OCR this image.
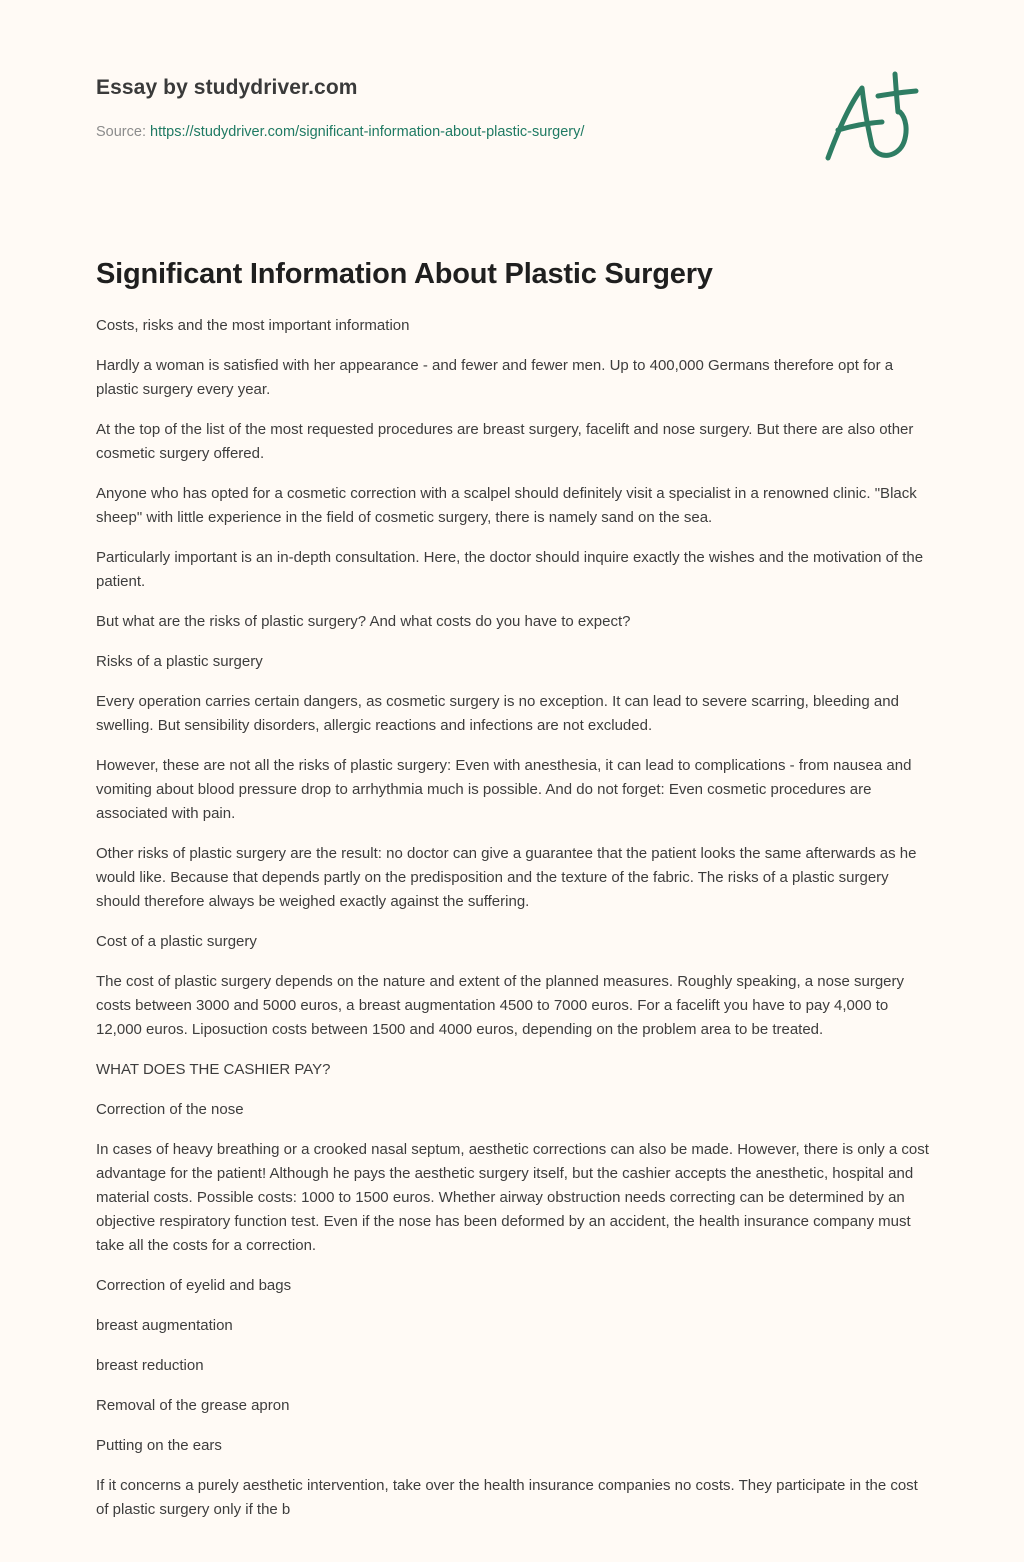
Essay by studydriver.com
Source: https://studydriver.com/significant-information-about-plastic-surgery/
Significant Information About Plastic Surgery

Costs, risks and the most important information

Hardly a woman is satisfied with her appearance - and fewer and fewer men. Up to 400,000 Germans therefore opt for a plastic surgery every year.

At the top of the list of the most requested procedures are breast surgery, facelift and nose surgery. But there are also other cosmetic surgery offered.

Anyone who has opted for a cosmetic correction with a scalpel should definitely visit a specialist in a renowned clinic. "Black sheep" with little experience in the field of cosmetic surgery, there is namely sand on the sea.

Particularly important is an in-depth consultation. Here, the doctor should inquire exactly the wishes and the motivation of the patient.

But what are the risks of plastic surgery? And what costs do you have to expect?

Risks of a plastic surgery

Every operation carries certain dangers, as cosmetic surgery is no exception. It can lead to severe scarring, bleeding and swelling. But sensibility disorders, allergic reactions and infections are not excluded.

However, these are not all the risks of plastic surgery: Even with anesthesia, it can lead to complications - from nausea and vomiting about blood pressure drop to arrhythmia much is possible. And do not forget: Even cosmetic procedures are associated with pain.

Other risks of plastic surgery are the result: no doctor can give a guarantee that the patient looks the same afterwards as he would like. Because that depends partly on the predisposition and the texture of the fabric. The risks of a plastic surgery should therefore always be weighed exactly against the suffering.

Cost of a plastic surgery

The cost of plastic surgery depends on the nature and extent of the planned measures. Roughly speaking, a nose surgery costs between 3000 and 5000 euros, a breast augmentation 4500 to 7000 euros. For a facelift you have to pay 4,000 to 12,000 euros. Liposuction costs between 1500 and 4000 euros, depending on the problem area to be treated.

WHAT DOES THE CASHIER PAY?

Correction of the nose

In cases of heavy breathing or a crooked nasal septum, aesthetic corrections can also be made. However, there is only a cost advantage for the patient! Although he pays the aesthetic surgery itself, but the cashier accepts the anesthetic, hospital and material costs. Possible costs: 1000 to 1500 euros. Whether airway obstruction needs correcting can be determined by an objective respiratory function test. Even if the nose has been deformed by an accident, the health insurance company must take all the costs for a correction.

Correction of eyelid and bags

breast augmentation

breast reduction

Removal of the grease apron

Putting on the ears

If it concerns a purely aesthetic intervention, take over the health insurance companies no costs. They participate in the cost of plastic surgery only if the b
